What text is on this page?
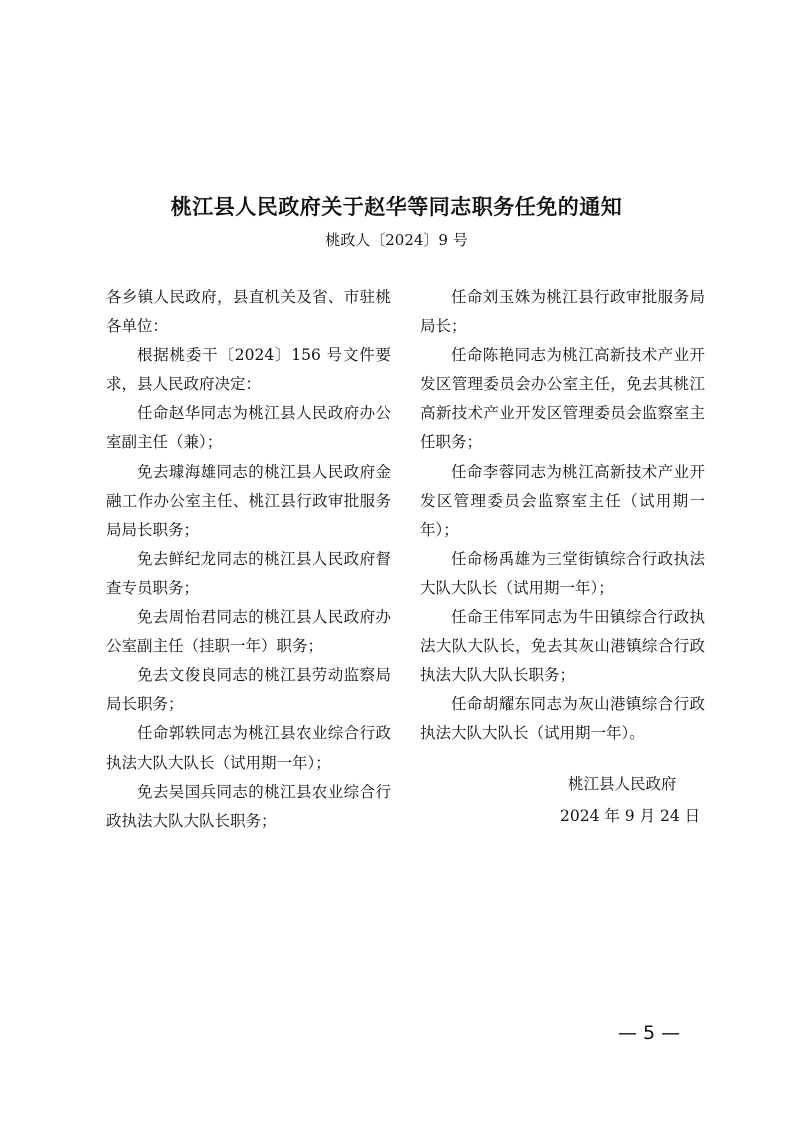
桃江县人民政府关于赵华等同志职务任免的通知
桃政人〔2024〕9 号

各乡镇人民政府，县直机关及省、市驻桃各单位：

根据桃委干〔2024〕156 号文件要求，县人民政府决定：

任命赵华同志为桃江县人民政府办公室副主任（兼）；

免去璩海雄同志的桃江县人民政府金融工作办公室主任、桃江县行政审批服务局局长职务；

免去鲜纪龙同志的桃江县人民政府督查专员职务；

免去周怡君同志的桃江县人民政府办公室副主任（挂职一年）职务；

免去文俊良同志的桃江县劳动监察局局长职务；

任命郭轶同志为桃江县农业综合行政执法大队大队长（试用期一年）；

免去吴国兵同志的桃江县农业综合行政执法大队大队长职务；

任命刘玉姝为桃江县行政审批服务局局长；

任命陈艳同志为桃江高新技术产业开发区管理委员会办公室主任，免去其桃江高新技术产业开发区管理委员会监察室主任职务；

任命李蓉同志为桃江高新技术产业开发区管理委员会监察室主任（试用期一年）；

任命杨禹雄为三堂街镇综合行政执法大队大队长（试用期一年）；

任命王伟军同志为牛田镇综合行政执法大队大队长，免去其灰山港镇综合行政执法大队大队长职务；

任命胡耀东同志为灰山港镇综合行政执法大队大队长（试用期一年）。

桃江县人民政府
2024 年 9 月 24 日
— 5 —
